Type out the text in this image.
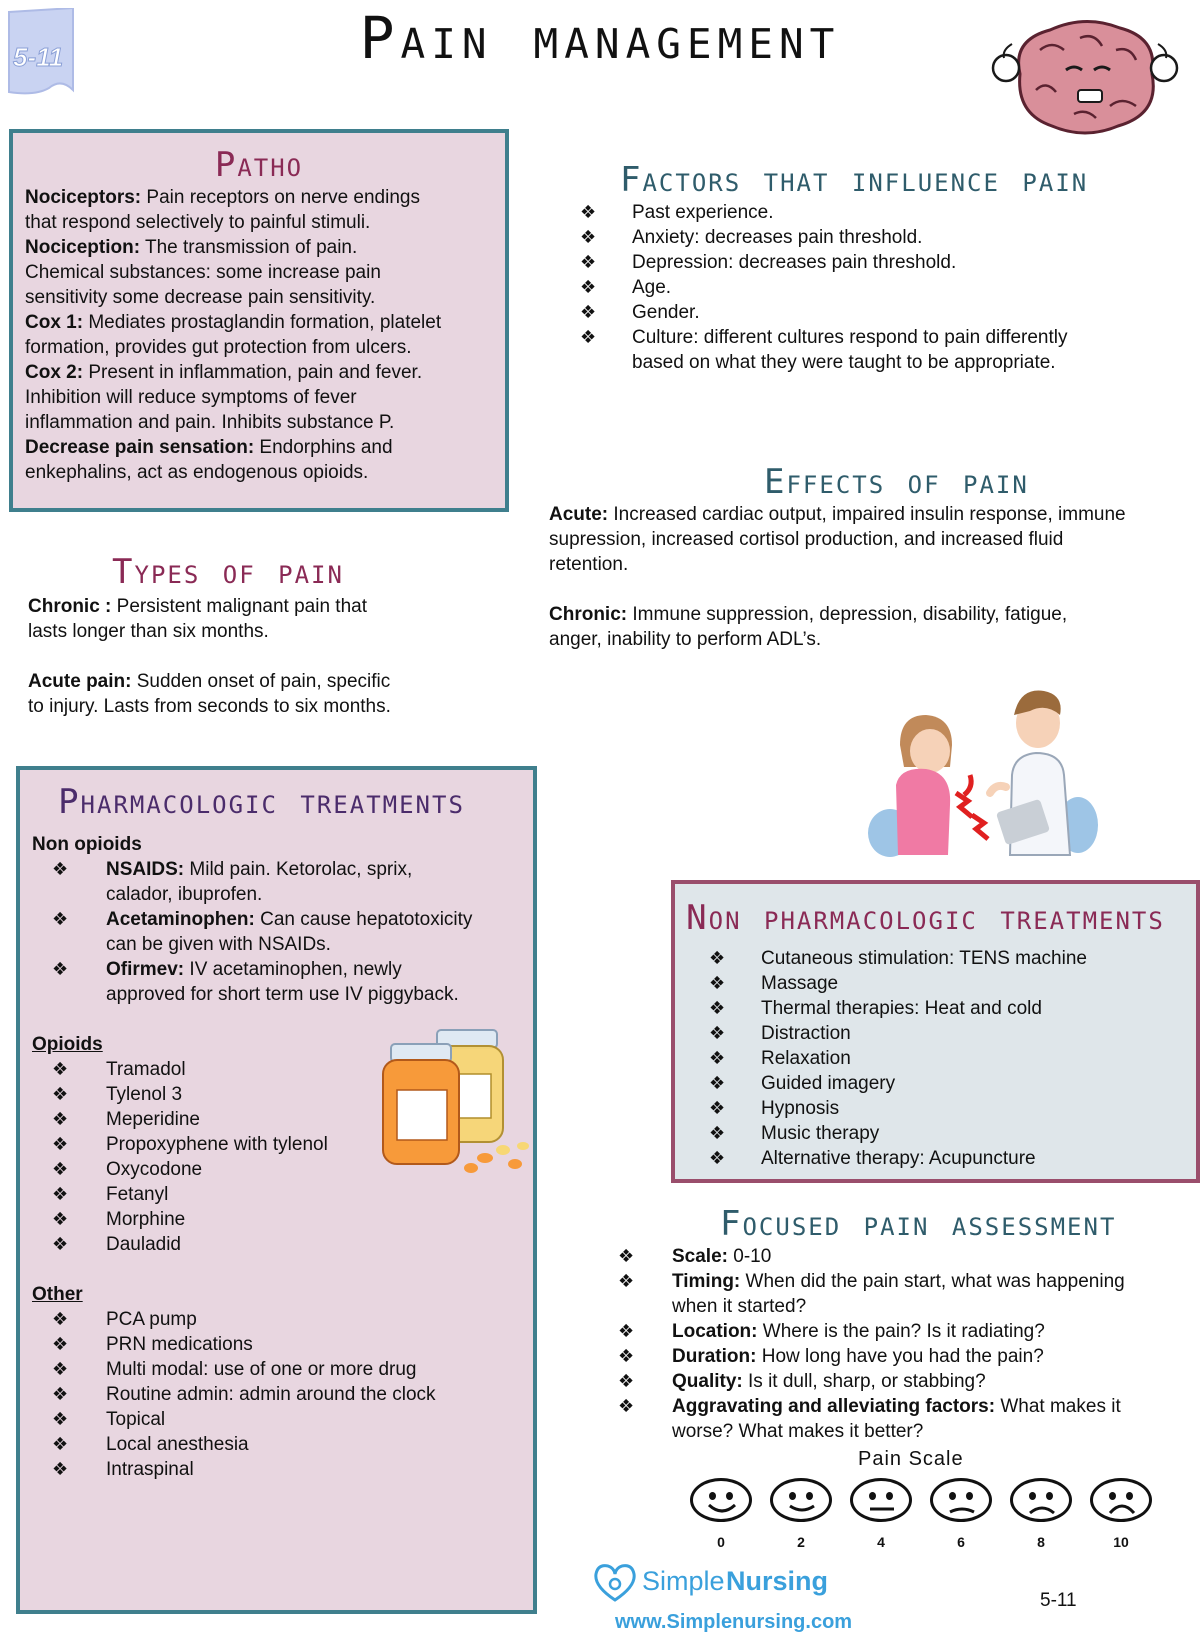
5-11	Pain management
Patho
Nociceptors: Pain receptors on nerve endings
that respond selectively to painful stimuli.
Nociception: The transmission of pain.
Chemical substances: some increase pain
sensitivity some decrease pain sensitivity.
Cox 1: Mediates prostaglandin formation, platelet
formation, provides gut protection from ulcers.
Cox 2: Present in inflammation, pain and fever.
Inhibition will reduce symptoms of fever
inflammation and pain. Inhibits substance P.
Decrease pain sensation: Endorphins and
enkephalins, act as endogenous opioids.
Types of pain
Chronic : Persistent malignant pain that
lasts longer than six months.
Acute pain: Sudden onset of pain, specific
to injury. Lasts from seconds to six months.
Factors that influence pain
❖ Past experience.
❖ Anxiety: decreases pain threshold.
❖ Depression: decreases pain threshold.
❖ Age.
❖ Gender.
❖ Culture: different cultures respond to pain differently
based on what they were taught to be appropriate.
Effects of pain
Acute: Increased cardiac output, impaired insulin response, immune
supression, increased cortisol production, and increased fluid
retention.
Chronic: Immune suppression, depression, disability, fatigue,
anger, inability to perform ADL’s.
Pharmacologic treatments
Non opioids
❖ NSAIDS: Mild pain. Ketorolac, sprix,
calador, ibuprofen.
❖ Acetaminophen: Can cause hepatotoxicity
can be given with NSAIDs.
❖ Ofirmev: IV acetaminophen, newly
approved for short term use IV piggyback.
Opioids
❖ Tramadol
❖ Tylenol 3
❖ Meperidine
❖ Propoxyphene with tylenol
❖ Oxycodone
❖ Fetanyl
❖ Morphine
❖ Dauladid
Other
❖ PCA pump
❖ PRN medications
❖ Multi modal: use of one or more drug
❖ Routine admin: admin around the clock
❖ Topical
❖ Local anesthesia
❖ Intraspinal
Non pharmacologic treatments
❖ Cutaneous stimulation: TENS machine
❖ Massage
❖ Thermal therapies: Heat and cold
❖ Distraction
❖ Relaxation
❖ Guided imagery
❖ Hypnosis
❖ Music therapy
❖ Alternative therapy: Acupuncture
Focused pain assessment
❖ Scale: 0-10
❖ Timing: When did the pain start, what was happening
when it started?
❖ Location: Where is the pain? Is it radiating?
❖ Duration: How long have you had the pain?
❖ Quality: Is it dull, sharp, or stabbing?
❖ Aggravating and alleviating factors: What makes it
worse? What makes it better?
Pain Scale
0	2	4	6	8	10
Simple Nursing
5-11
www.Simplenursing.com
